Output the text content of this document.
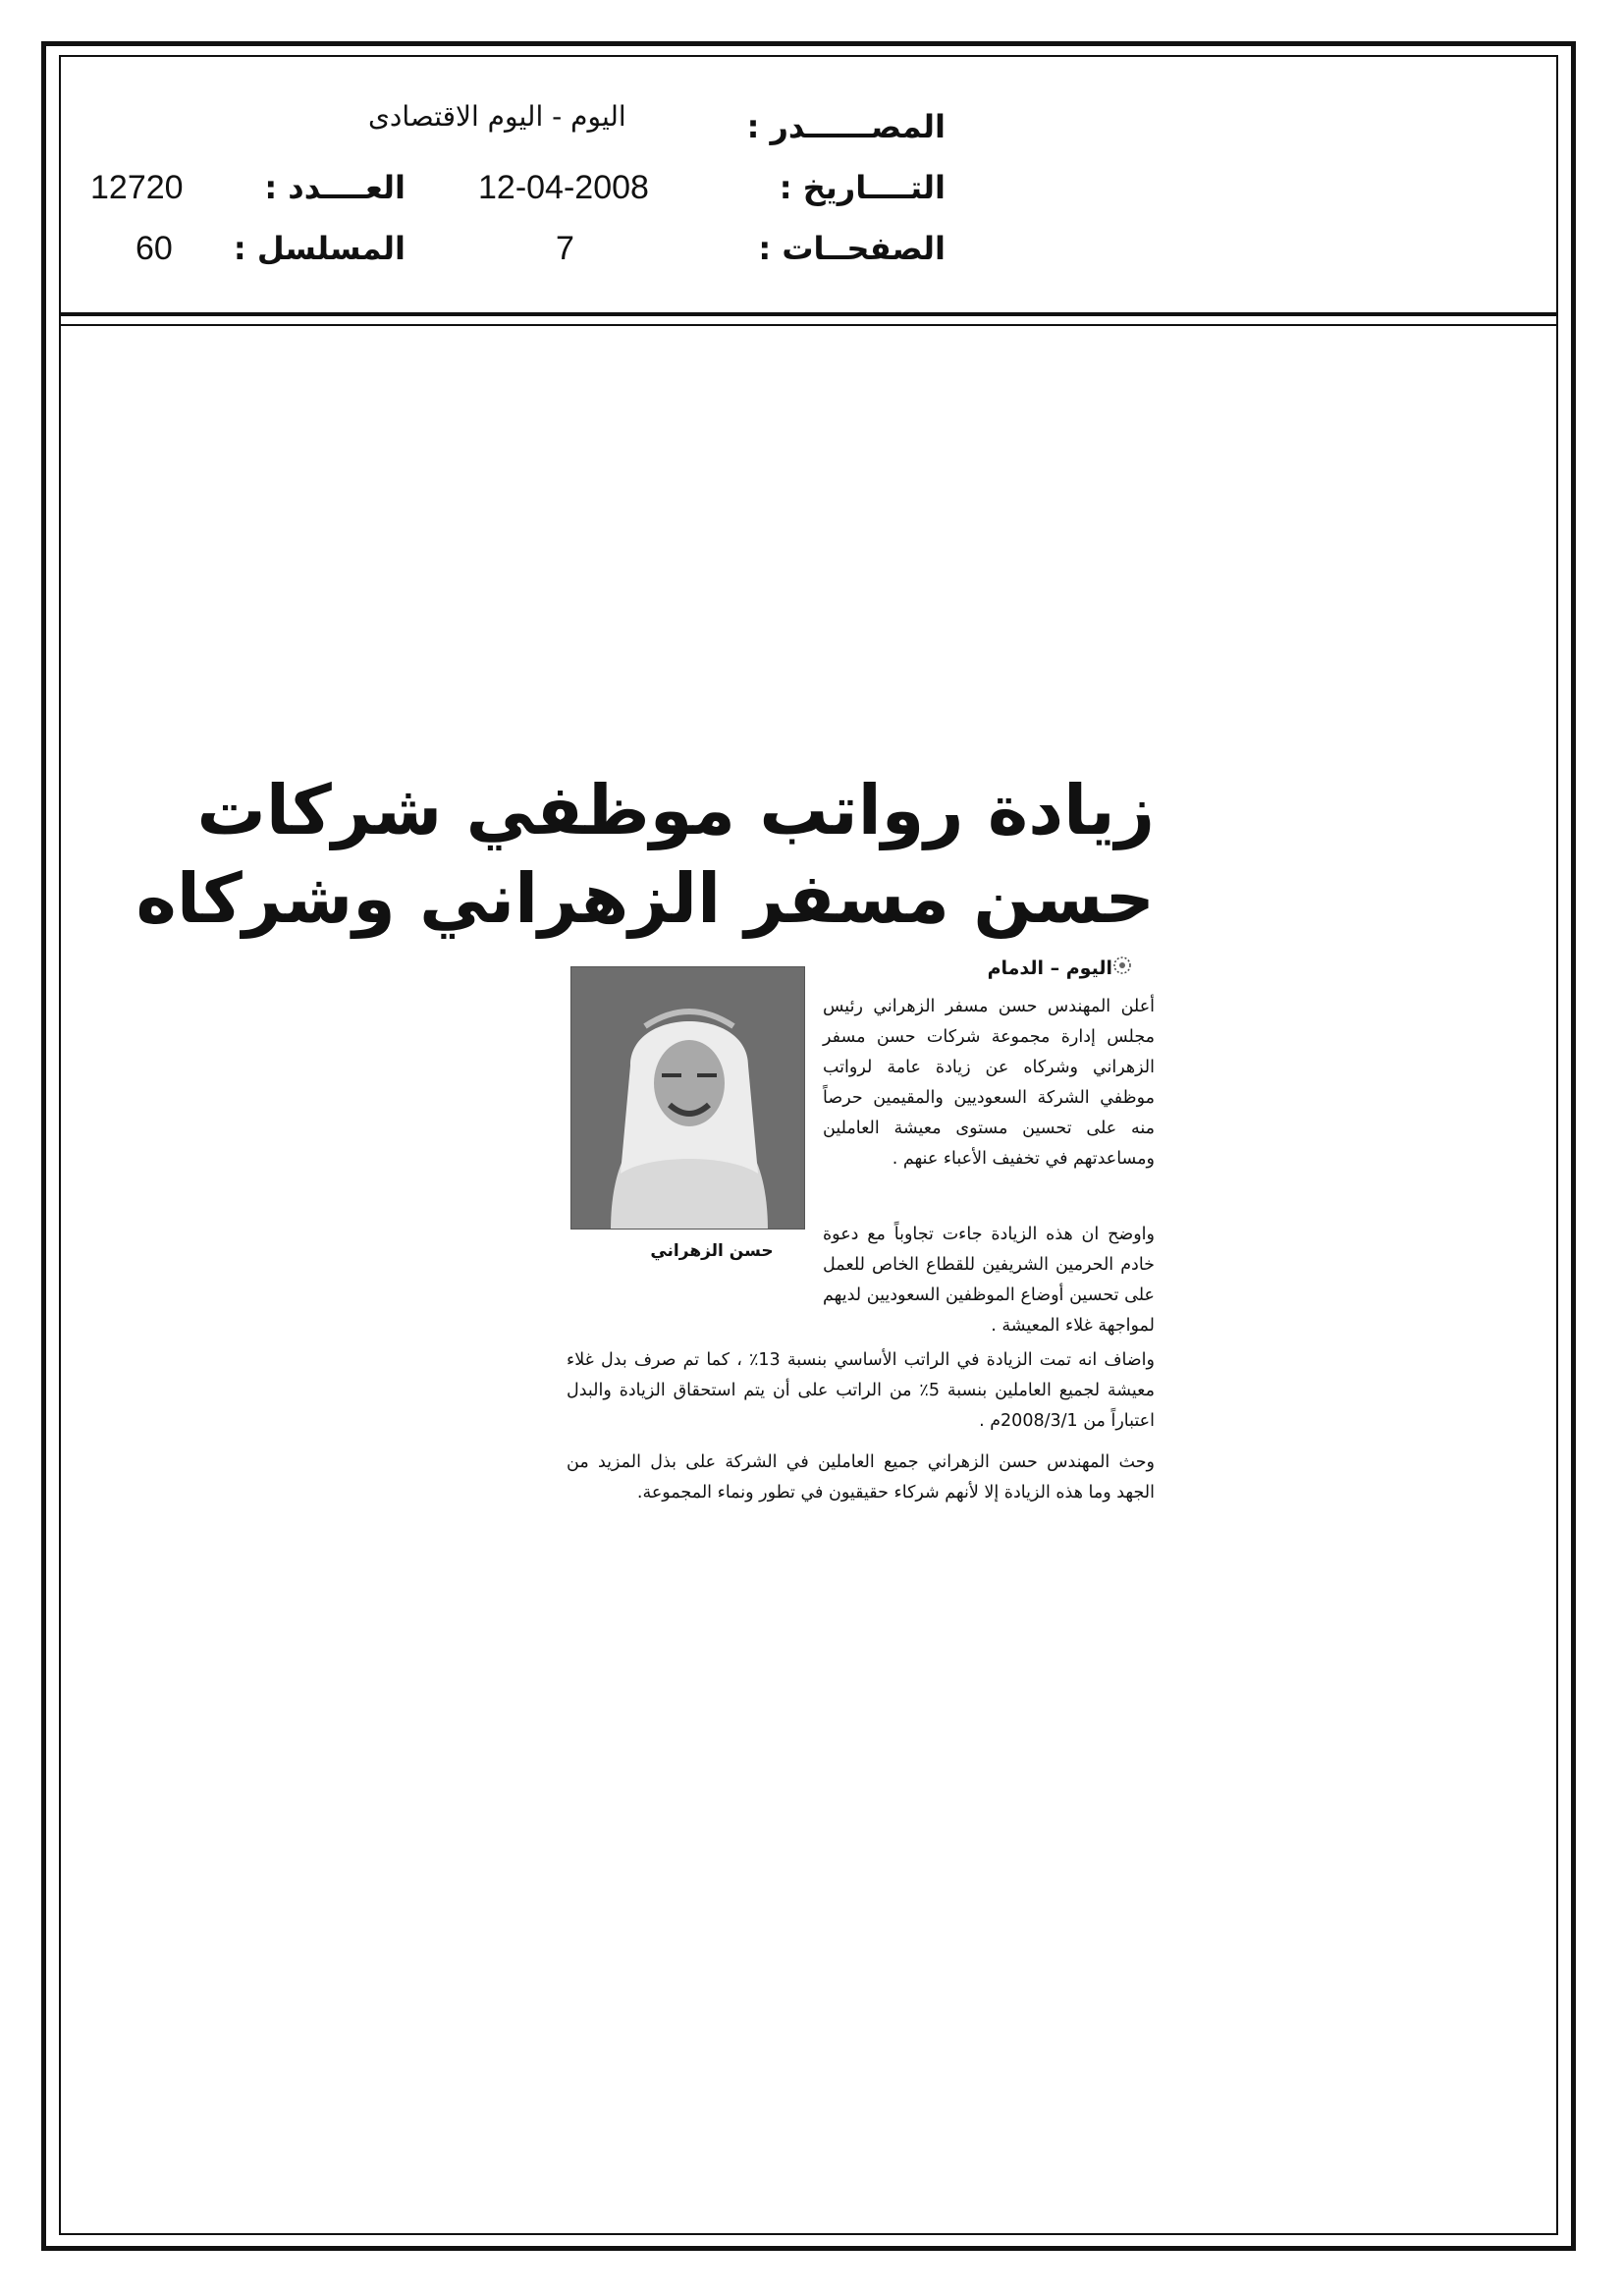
المصــــــدر :
اليوم - اليوم الاقتصادى
التــــاريخ :
12-04-2008
العــــدد :
12720
الصفحــات :
7
المسلسل :
60
زيادة رواتب موظفي شركات
حسن مسفر الزهراني وشركاه
اليوم – الدمام
حسن الزهراني
أعلن المهندس حسن مسفر الزهراني رئيس مجلس إدارة مجموعة شركات حسن مسفر الزهراني وشركاه عن زيادة عامة لرواتب موظفي الشركة السعوديين والمقيمين حرصاً منه على تحسين مستوى معيشة العاملين ومساعدتهم في تخفيف الأعباء عنهم .
واوضح ان هذه الزيادة جاءت تجاوباً مع دعوة خادم الحرمين الشريفين للقطاع الخاص للعمل على تحسين أوضاع الموظفين السعوديين لديهم لمواجهة غلاء المعيشة .
واضاف انه تمت الزيادة في الراتب الأساسي بنسبة 13٪ ، كما تم صرف بدل غلاء معيشة لجميع العاملين بنسبة 5٪ من الراتب على أن يتم استحقاق الزيادة والبدل اعتباراً من 2008/3/1م .
وحث المهندس حسن الزهراني جميع العاملين في الشركة على بذل المزيد من الجهد وما هذه الزيادة إلا لأنهم شركاء حقيقيون في تطور ونماء المجموعة.
